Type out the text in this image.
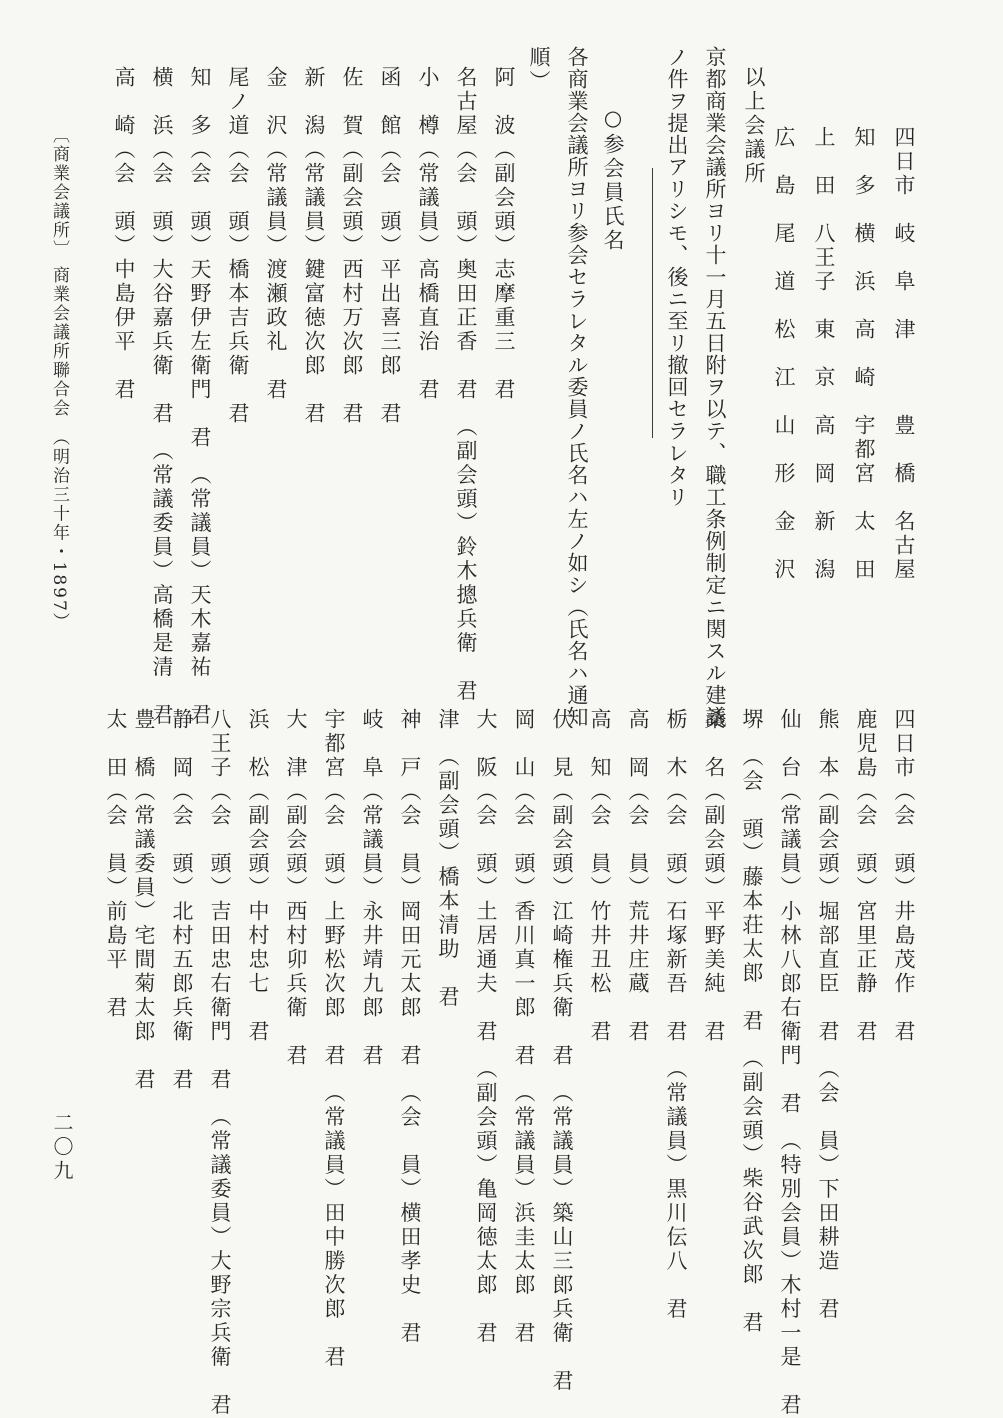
四日市　岐　阜　津　　　豊　橋　名古屋
知　多　横　浜　高　崎　宇都宮　太　田
上　田　八王子　東　京　高　岡　新　潟
広　島　尾　道　松　江　山　形　金　沢
以上会議所
京都商業会議所ヨリ十一月五日附ヲ以テ、職工条例制定ニ関スル建議
ノ件ヲ提出アリシモ、後ニ至リ撤回セラレタリ
○参会員氏名
各商業会議所ヨリ参会セラレタル委員ノ氏名ハ左ノ如シ（氏名ハ通知
順）
阿　波（副会頭）志摩重三　君
名古屋（会　頭）奥田正香　君　（副会頭）鈴木摠兵衛　君
小　樽（常議員）高橋直治　君
函　館（会　頭）平出喜三郎　君
佐　賀（副会頭）西村万次郎　君
新　潟（常議員）鍵富徳次郎　君
金　沢（常議員）渡瀬政礼　君
尾ノ道（会　頭）橋本吉兵衛　君
知　多（会　頭）天野伊左衛門　君　（常議員）天木嘉祐　君
横　浜（会　頭）大谷嘉兵衛　君　（常議委員）高橋是清　君
高　崎（会　頭）中島伊平　君
四日市（会　頭）井島茂作　君
鹿児島（会　頭）宮里正静　君
熊　本（副会頭）堀部直臣　君　（会　員）下田耕造　君
仙　台（常議員）小林八郎右衛門　君　（特別会員）木村一是　君
堺　（会　頭）藤本荘太郎　君　（副会頭）柴谷武次郎　君
桑　名（副会頭）平野美純　君
栃　木（会　頭）石塚新吾　君　（常議員）黒川伝八　君
高　岡（会　員）荒井庄蔵　君
高　知（会　員）竹井丑松　君
伏　見（副会頭）江崎権兵衛　君　（常議員）築山三郎兵衛　君
岡　山（会　頭）香川真一郎　君　（常議員）浜圭太郎　君
大　阪（会　頭）土居通夫　君　（副会頭）亀岡徳太郎　君
津　（副会頭）橋本清助　君
神　戸（会　員）岡田元太郎　君　（会　員）横田孝史　君
岐　阜（常議員）永井靖九郎　君
宇都宮（会　頭）上野松次郎　君　（常議員）田中勝次郎　君
大　津（副会頭）西村卯兵衛　君
浜　松（副会頭）中村忠七　君
八王子（会　頭）吉田忠右衛門　君　（常議委員）大野宗兵衛　君
静　岡（会　頭）北村五郎兵衛　君
豊　橋（常議委員）宅間菊太郎　君
太　田（会　員）前島平　君
〔商業会議所〕
商業会議所聯合会　（明治三十年・1897）
二〇九
